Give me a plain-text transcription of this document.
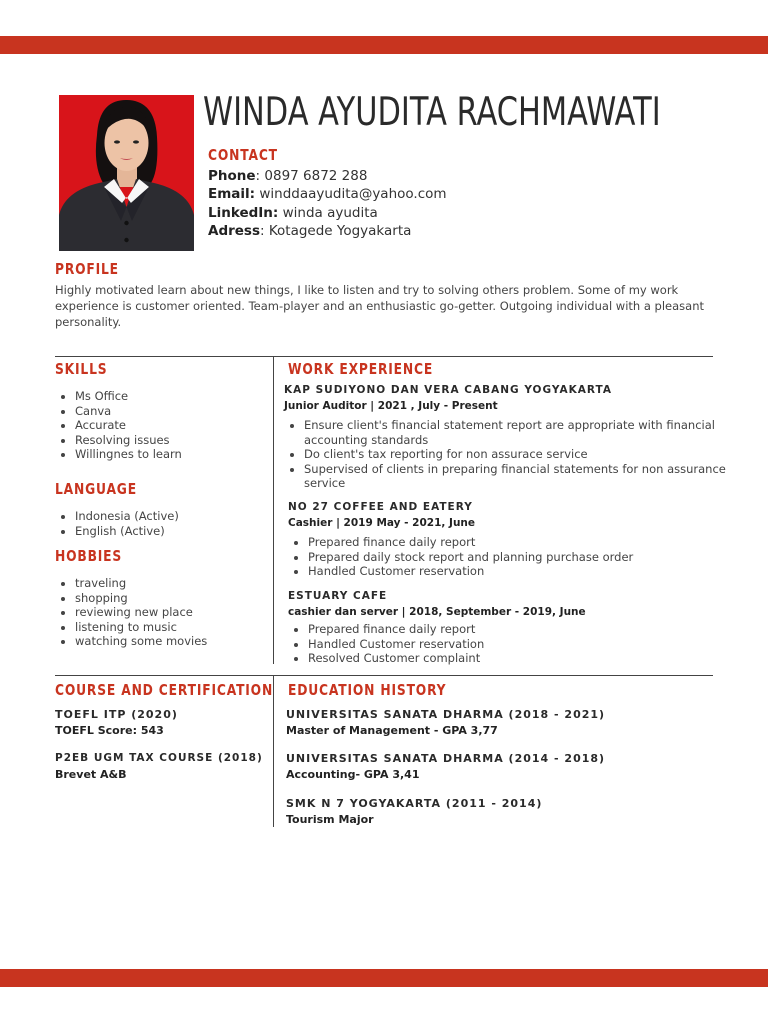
WINDA AYUDITA RACHMAWATI
CONTACT
Phone: 0897 6872 288
Email: winddaayudita@yahoo.com
LinkedIn: winda ayudita
Adress: Kotagede Yogyakarta
PROFILE
Highly motivated learn about new things, I like to listen and try to solving others problem. Some of my work experience is customer oriented. Team-player and an enthusiastic go-getter. Outgoing individual with a pleasant personality.
SKILLS
• Ms Office
• Canva
• Accurate
• Resolving issues
• Willingnes to learn
LANGUAGE
• Indonesia (Active)
• English (Active)
HOBBIES
• traveling
• shopping
• reviewing new place
• listening to music
• watching some movies
WORK EXPERIENCE
KAP SUDIYONO DAN VERA CABANG YOGYAKARTA
Junior Auditor | 2021 , July - Present
• Ensure client's financial statement report are appropriate with financial accounting standards
• Do client's tax reporting for non assurace service
• Supervised of clients in preparing financial statements for non assurance service
NO 27 COFFEE AND EATERY
Cashier | 2019 May - 2021, June
• Prepared finance daily report
• Prepared daily stock report and planning purchase order
• Handled Customer reservation
ESTUARY CAFE
cashier dan server | 2018, September - 2019, June
• Prepared finance daily report
• Handled Customer reservation
• Resolved Customer complaint
COURSE AND CERTIFICATION
TOEFL ITP (2020)
TOEFL Score: 543
P2EB UGM TAX COURSE (2018)
Brevet A&B
EDUCATION HISTORY
UNIVERSITAS SANATA DHARMA (2018 - 2021)
Master of Management - GPA 3,77
UNIVERSITAS SANATA DHARMA (2014 - 2018)
Accounting- GPA 3,41
SMK N 7 YOGYAKARTA (2011 - 2014)
Tourism Major
